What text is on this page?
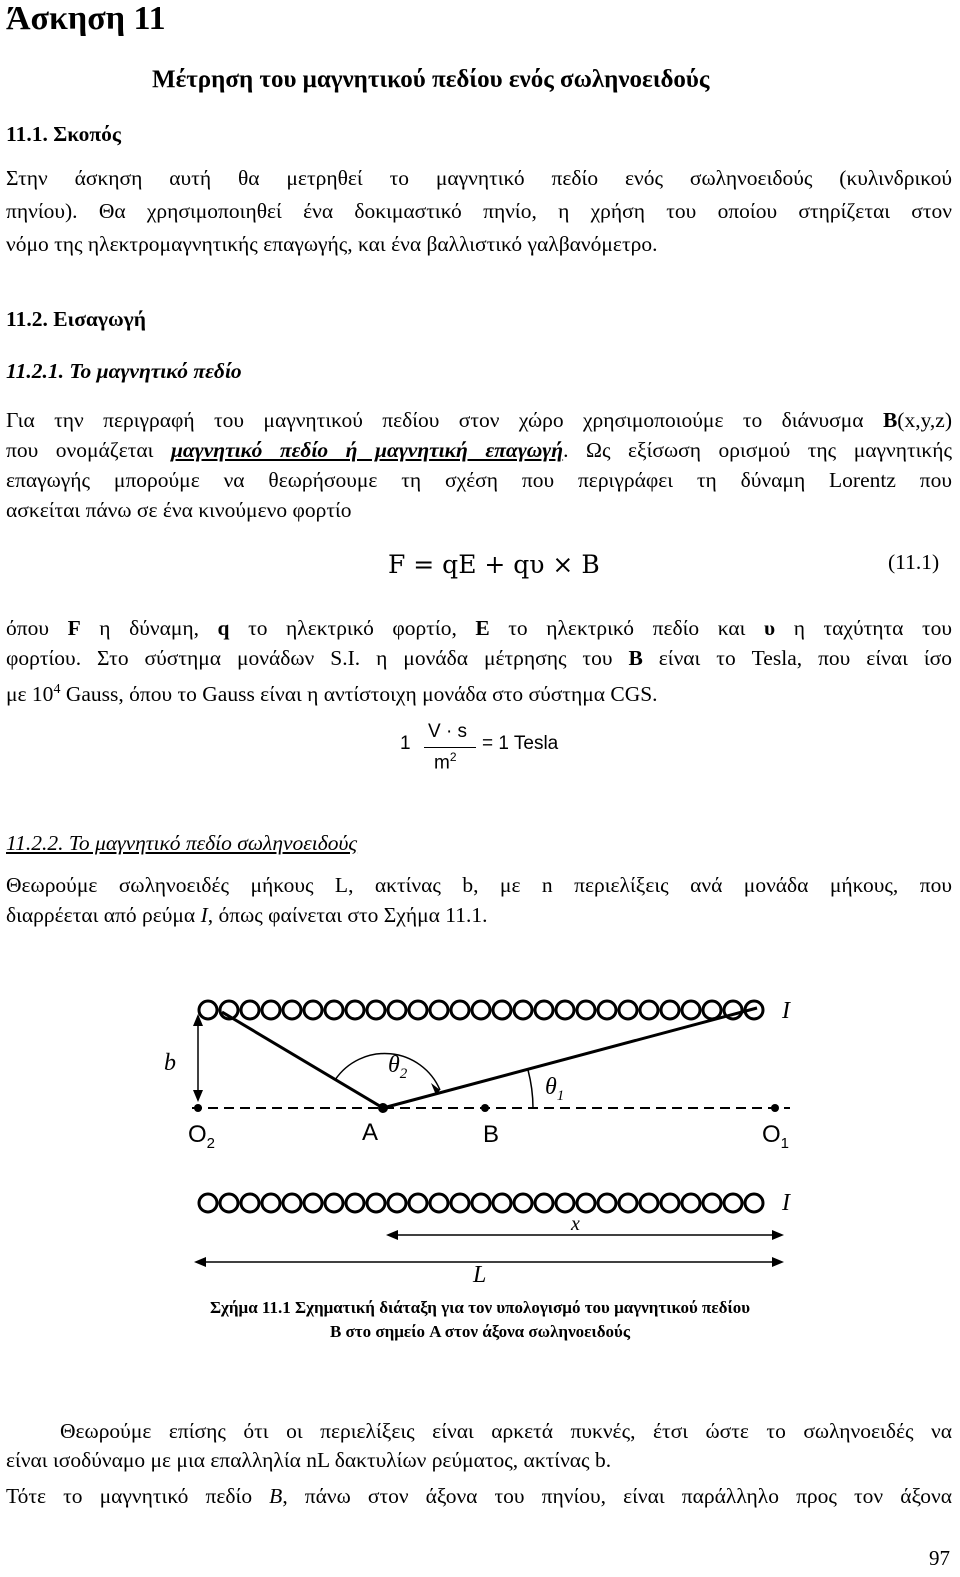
Άσκηση 11
Μέτρηση του μαγνητικού πεδίου ενός σωληνοειδούς
11.1. Σκοπός
Στην άσκηση αυτή θα μετρηθεί το μαγνητικό πεδίο ενός σωληνοειδούς (κυλινδρικού
πηνίου). Θα χρησιμοποιηθεί ένα δοκιμαστικό πηνίο, η χρήση του οποίου στηρίζεται στον
νόμο της ηλεκτρομαγνητικής επαγωγής, και ένα βαλλιστικό γαλβανόμετρο.
11.2. Εισαγωγή
11.2.1. Το μαγνητικό πεδίο
Για την περιγραφή του μαγνητικού πεδίου στον χώρο χρησιμοποιούμε το διάνυσμα B(x,y,z)
που ονομάζεται μαγνητικό πεδίο ή μαγνητική επαγωγή. Ως εξίσωση ορισμού της μαγνητικής
επαγωγής μπορούμε να θεωρήσουμε τη σχέση που περιγράφει τη δύναμη Lorentz που
ασκείται πάνω σε ένα κινούμενο φορτίο
F = qE + qυ × B	(11.1)
όπου F η δύναμη, q το ηλεκτρικό φορτίο, E το ηλεκτρικό πεδίο και υ η ταχύτητα του
φορτίου. Στο σύστημα μονάδων S.I. η μονάδα μέτρησης του B είναι το Tesla, που είναι ίσο
με $10^4$ Gauss, όπου το Gauss είναι η αντίστοιχη μονάδα στο σύστημα CGS.
1
V · s
$m^2$
= 1 Tesla
11.2.2. Το μαγνητικό πεδίο σωληνοειδούς
Θεωρούμε σωληνοειδές μήκους L, ακτίνας b, με n περιελίξεις ανά μονάδα μήκους, που
διαρρέεται από ρεύμα I, όπως φαίνεται στο Σχήμα 11.1.
I
I
b	$\theta_2$	$\theta_1$
$O_2$	A	B	$O_1$
x
L
Σχήμα 11.1 Σχηματική διάταξη για τον υπολογισμό του μαγνητικού πεδίου
B στο σημείο A στον άξονα σωληνοειδούς
Θεωρούμε επίσης ότι οι περιελίξεις είναι αρκετά πυκνές, έτσι ώστε το σωληνοειδές να
είναι ισοδύναμο με μια επαλληλία nL δακτυλίων ρεύματος, ακτίνας b.
Τότε το μαγνητικό πεδίο B, πάνω στον άξονα του πηνίου, είναι παράλληλο προς τον άξονα
97
